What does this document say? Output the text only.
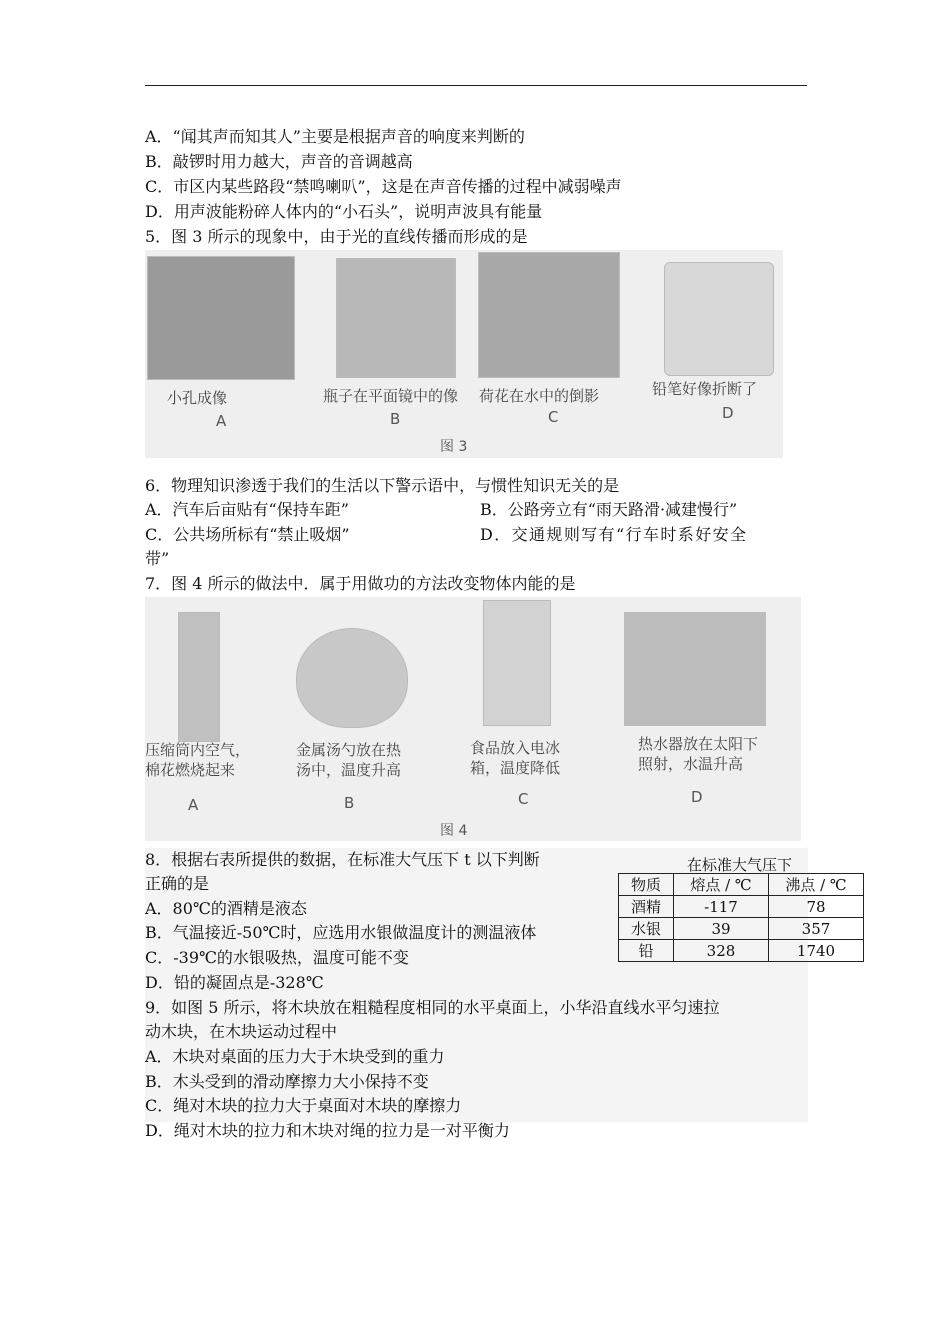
A．“闻其声而知其人”主要是根据声音的响度来判断的
B．敲锣时用力越大，声音的音调越高
C．市区内某些路段“禁鸣喇叭”，这是在声音传播的过程中减弱噪声
D．用声波能粉碎人体内的“小石头”，说明声波具有能量
5．图 3 所示的现象中，由于光的直线传播而形成的是
小孔成像	瓶子在平面镜中的像 荷花在水中的倒影	铅笔好像折断了
A	B	C	D
图 3
6．物理知识渗透于我们的生活以下警示语中，与惯性知识无关的是
A．汽车后亩贴有“保持车距”	B．公路旁立有“雨天路滑·减建慢行”
C．公共场所标有“禁止吸烟”	D．交通规则写有“行车时系好安全
带”
7．图 4 所示的做法中．属于用做功的方法改变物体内能的是
压缩筒内空气，
棉花燃烧起来
金属汤勺放在热
汤中，温度升高
食品放入电冰
箱，温度降低
热水器放在太阳下
照射，水温升高
A	B	C	D
图 4
8．根据右表所提供的数据，在标准大气压下 t 以下判断
正确的是
A．80℃的酒精是液态
B．气温接近-50℃时，应选用水银做温度计的测温液体
C．-39℃的水银吸热，温度可能不变
D．铅的凝固点是-328℃
在标准大气压下
物质	熔点 / ℃	沸点 / ℃
酒精	-117	78
水银	39	357
铅	328	1740
9．如图 5 所示，将木块放在粗糙程度相同的水平桌面上，小华沿直线水平匀速拉
动木块，在木块运动过程中
A．木块对桌面的压力大于木块受到的重力
B．木头受到的滑动摩擦力大小保持不变
C．绳对木块的拉力大于桌面对木块的摩擦力
D．绳对木块的拉力和木块对绳的拉力是一对平衡力
